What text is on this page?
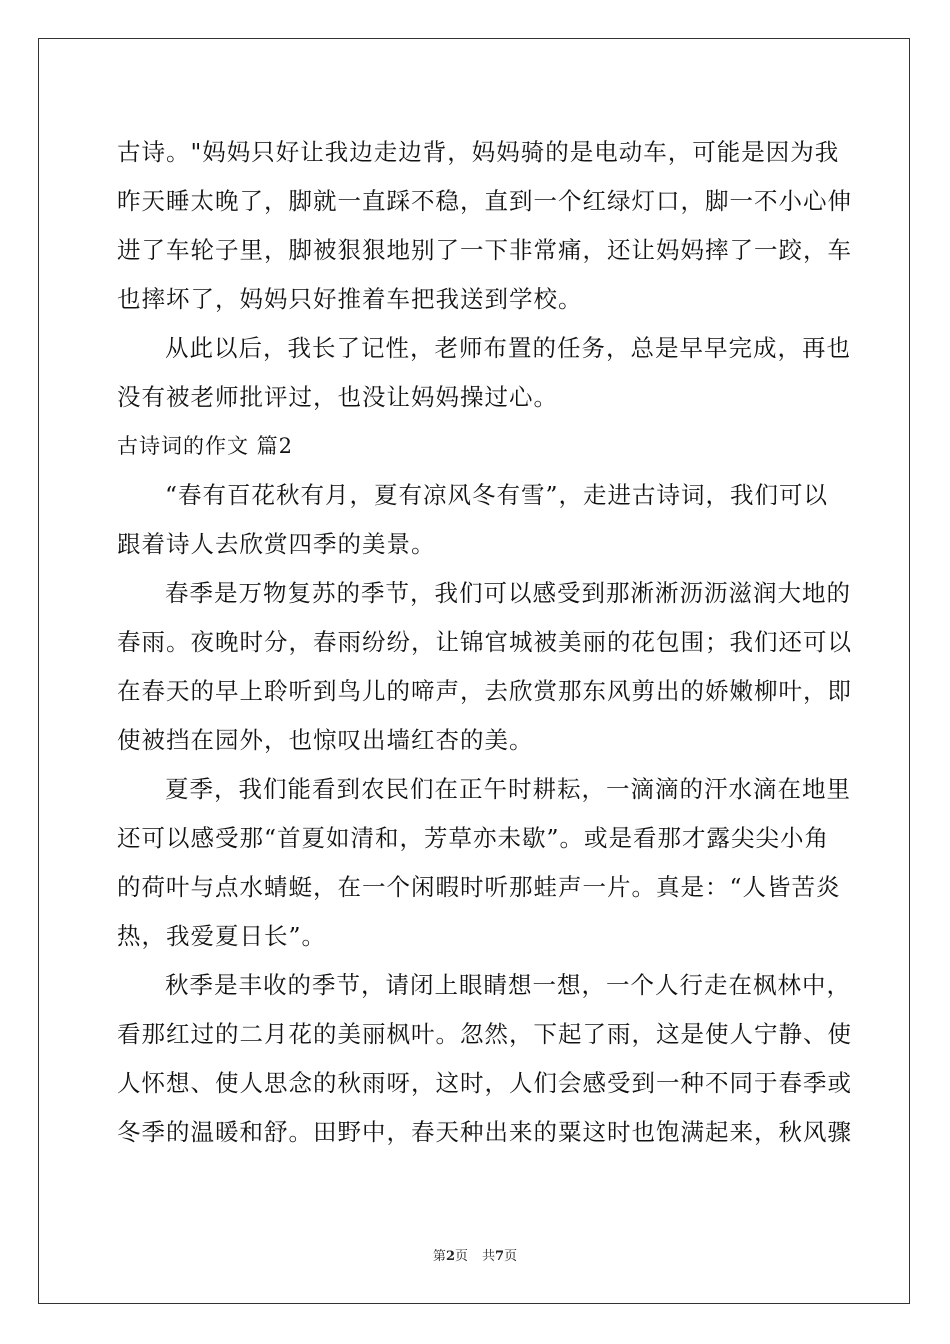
古诗。"妈妈只好让我边走边背，妈妈骑的是电动车，可能是因为我
昨天睡太晚了，脚就一直踩不稳，直到一个红绿灯口，脚一不小心伸
进了车轮子里，脚被狠狠地别了一下非常痛，还让妈妈摔了一跤，车
也摔坏了，妈妈只好推着车把我送到学校。
从此以后，我长了记性，老师布置的任务，总是早早完成，再也
没有被老师批评过，也没让妈妈操过心。
古诗词的作文 篇2
“春有百花秋有月，夏有凉风冬有雪”，走进古诗词，我们可以
跟着诗人去欣赏四季的美景。
春季是万物复苏的季节，我们可以感受到那淅淅沥沥滋润大地的
春雨。夜晚时分，春雨纷纷，让锦官城被美丽的花包围；我们还可以
在春天的早上聆听到鸟儿的啼声，去欣赏那东风剪出的娇嫩柳叶，即
使被挡在园外，也惊叹出墙红杏的美。
夏季，我们能看到农民们在正午时耕耘，一滴滴的汗水滴在地里
还可以感受那“首夏如清和，芳草亦未歇”。或是看那才露尖尖小角
的荷叶与点水蜻蜓，在一个闲暇时听那蛙声一片。真是：“人皆苦炎
热，我爱夏日长”。
秋季是丰收的季节，请闭上眼睛想一想，一个人行走在枫林中，
看那红过的二月花的美丽枫叶。忽然，下起了雨，这是使人宁静、使
人怀想、使人思念的秋雨呀，这时，人们会感受到一种不同于春季或
冬季的温暖和舒。田野中，春天种出来的粟这时也饱满起来，秋风骤
第2页 共7页
